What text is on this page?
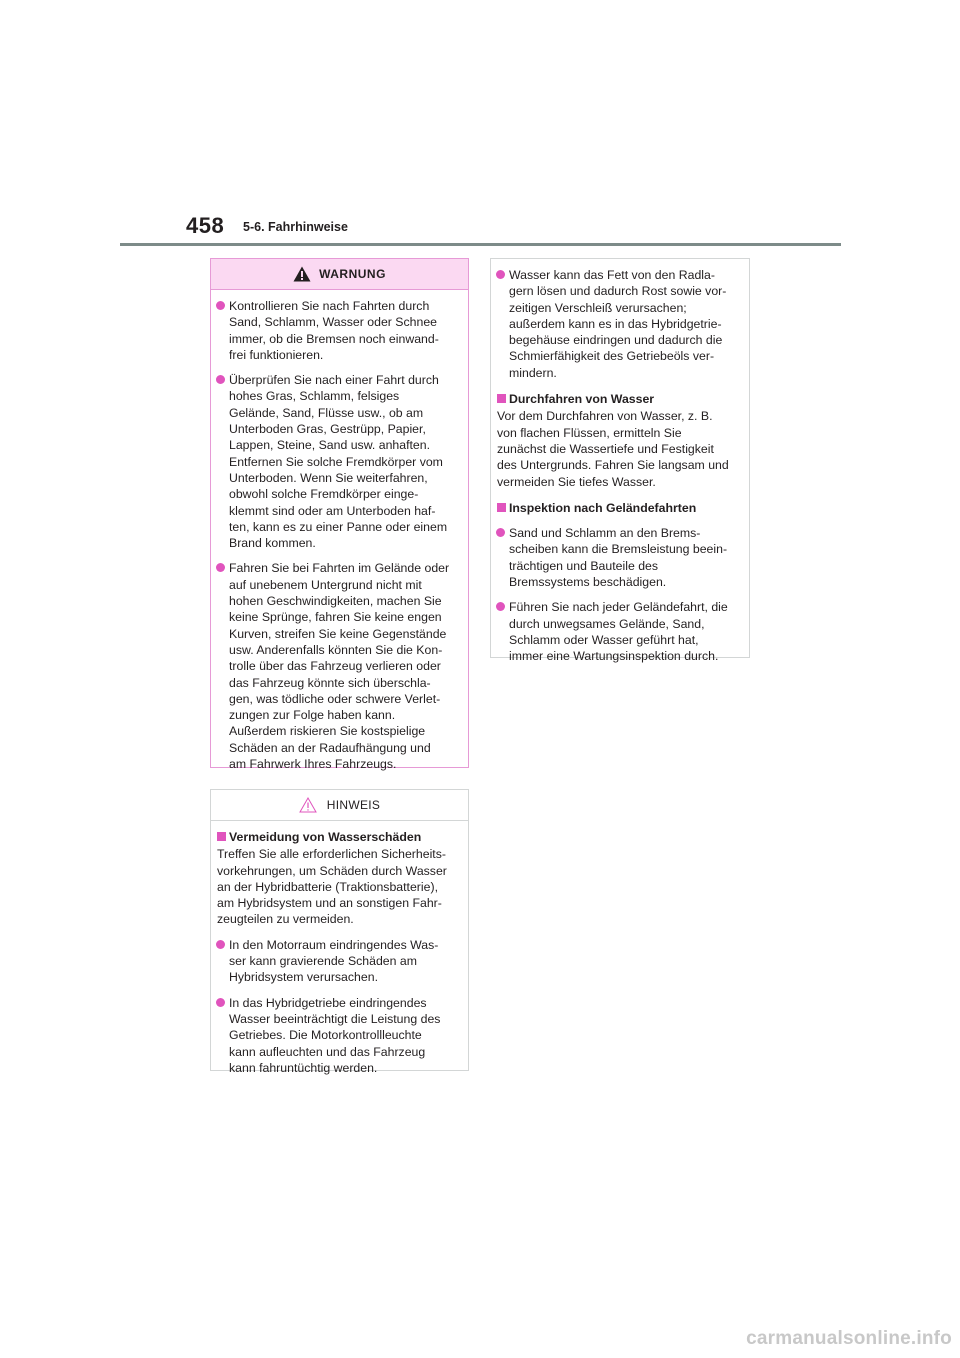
458 5-6. Fahrhinweise
WARNUNG
Kontrollieren Sie nach Fahrten durch
Sand, Schlamm, Wasser oder Schnee
immer, ob die Bremsen noch einwand-
frei funktionieren.
Überprüfen Sie nach einer Fahrt durch
hohes Gras, Schlamm, felsiges
Gelände, Sand, Flüsse usw., ob am
Unterboden Gras, Gestrüpp, Papier,
Lappen, Steine, Sand usw. anhaften.
Entfernen Sie solche Fremdkörper vom
Unterboden. Wenn Sie weiterfahren,
obwohl solche Fremdkörper einge-
klemmt sind oder am Unterboden haf-
ten, kann es zu einer Panne oder einem
Brand kommen.
Fahren Sie bei Fahrten im Gelände oder
auf unebenem Untergrund nicht mit
hohen Geschwindigkeiten, machen Sie
keine Sprünge, fahren Sie keine engen
Kurven, streifen Sie keine Gegenstände
usw. Anderenfalls könnten Sie die Kon-
trolle über das Fahrzeug verlieren oder
das Fahrzeug könnte sich überschla-
gen, was tödliche oder schwere Verlet-
zungen zur Folge haben kann.
Außerdem riskieren Sie kostspielige
Schäden an der Radaufhängung und
am Fahrwerk Ihres Fahrzeugs.
HINWEIS
Vermeidung von Wasserschäden
Treffen Sie alle erforderlichen Sicherheits-
vorkehrungen, um Schäden durch Wasser
an der Hybridbatterie (Traktionsbatterie),
am Hybridsystem und an sonstigen Fahr-
zeugteilen zu vermeiden.
In den Motorraum eindringendes Was-
ser kann gravierende Schäden am
Hybridsystem verursachen.
In das Hybridgetriebe eindringendes
Wasser beeinträchtigt die Leistung des
Getriebes. Die Motorkontrollleuchte
kann aufleuchten und das Fahrzeug
kann fahruntüchtig werden.
Wasser kann das Fett von den Radla-
gern lösen und dadurch Rost sowie vor-
zeitigen Verschleiß verursachen;
außerdem kann es in das Hybridgetrie-
begehäuse eindringen und dadurch die
Schmierfähigkeit des Getriebeöls ver-
mindern.
Durchfahren von Wasser
Vor dem Durchfahren von Wasser, z. B.
von flachen Flüssen, ermitteln Sie
zunächst die Wassertiefe und Festigkeit
des Untergrunds. Fahren Sie langsam und
vermeiden Sie tiefes Wasser.
Inspektion nach Geländefahrten
Sand und Schlamm an den Brems-
scheiben kann die Bremsleistung beein-
trächtigen und Bauteile des
Bremssystems beschädigen.
Führen Sie nach jeder Geländefahrt, die
durch unwegsames Gelände, Sand,
Schlamm oder Wasser geführt hat,
immer eine Wartungsinspektion durch.
carmanualsonline.info
